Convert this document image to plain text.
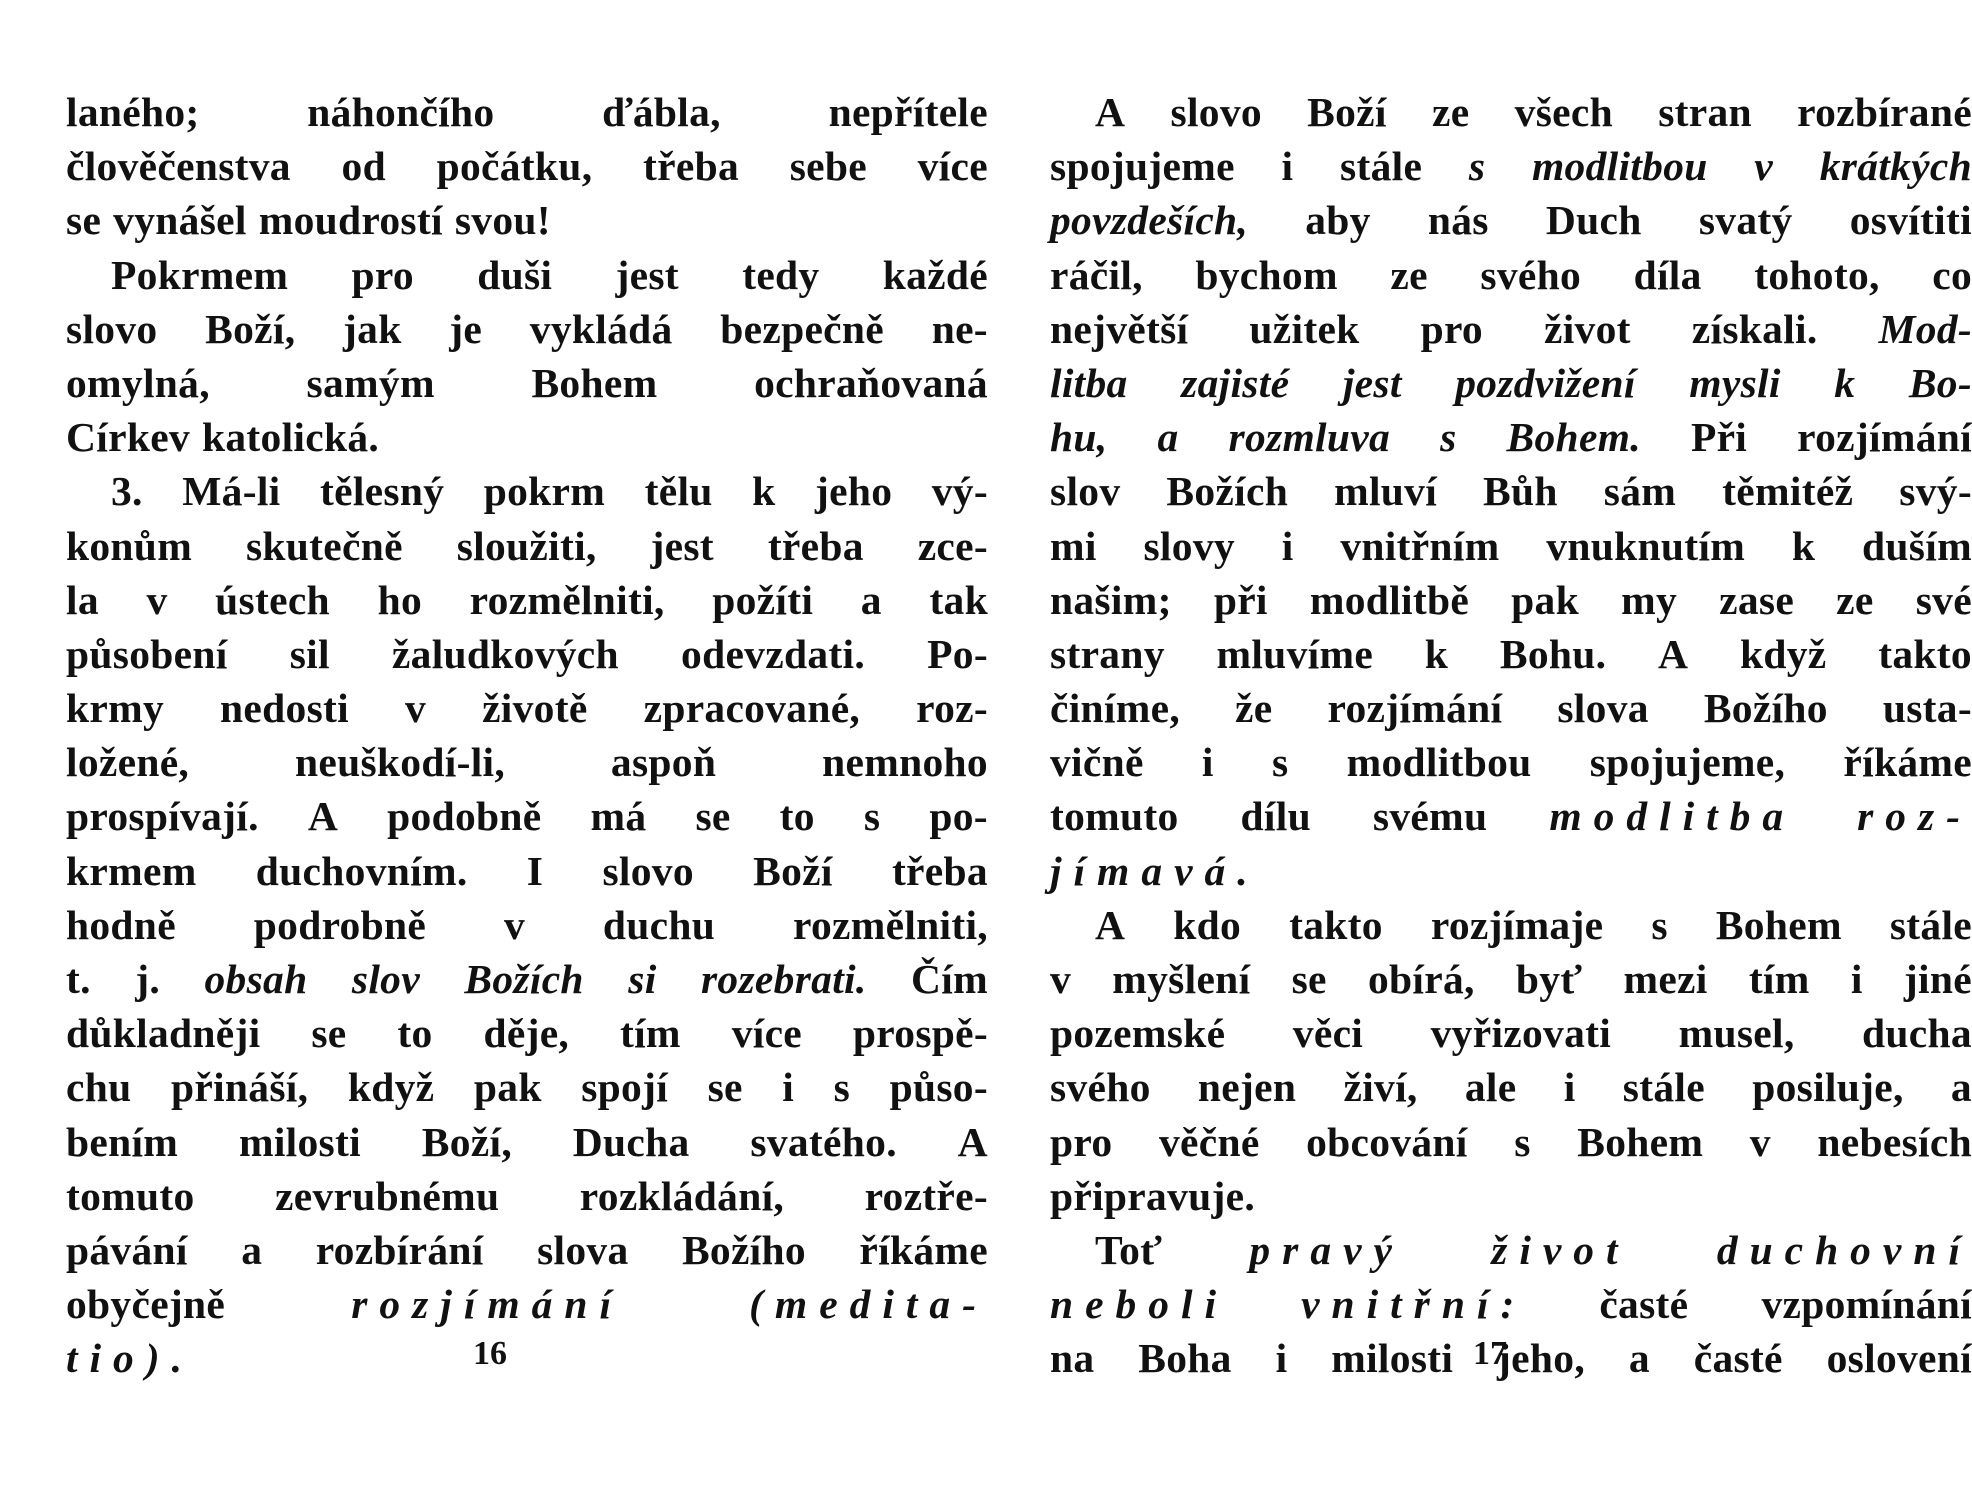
laného;	náhončího	ďábla,	nepřítele
člověčenstva od počátku, třeba sebe více
se vynášel moudrostí svou!
Pokrmem pro duši jest tedy každé
slovo Boží, jak je vykládá bezpečně ne-
omylná, samým Bohem ochraňovaná
Církev katolická.
3. Má-li tělesný pokrm tělu k jeho vý-
konům skutečně sloužiti, jest třeba zce-
la v ústech ho rozmělniti, požíti a tak
působení sil žaludkových odevzdati. Po-
krmy nedosti v životě zpracované, roz-
ložené,	neuškodí-li,	aspoň	nemnoho
prospívají. A podobně má se to s po-
krmem duchovním. I slovo Boží třeba
hodně podrobně v duchu rozmělniti,
t. j. obsah slov Božích si rozebrati. Čím
důkladněji se to děje, tím více prospě-
chu přináší, když pak spojí se i s půso-
bením milosti Boží, Ducha svatého. A
tomuto zevrubnému rozkládání, roztře-
pávání a rozbírání slova Božího říkáme
obyčejně	rozjímání	(medita-
tio).	16
A slovo Boží ze všech stran rozbírané
spojujeme i stále s modlitbou v krátkých
povzdeších, aby nás Duch svatý osvítiti
ráčil, bychom ze svého díla tohoto, co
největší užitek pro život získali. Mod-
litba zajisté jest pozdvižení mysli k Bo-
hu, a rozmluva s Bohem. Při rozjímání
slov Božích mluví Bůh sám těmitéž svý-
mi slovy i vnitřním vnuknutím k duším
našim; při modlitbě pak my zase ze své
strany mluvíme k Bohu. A když takto
činíme, že rozjímání slova Božího usta-
vičně i s modlitbou spojujeme, říkáme
tomuto dílu svému modlitba roz-
jímavá.
A kdo takto rozjímaje s Bohem stále
v myšlení se obírá, byť mezi tím i jiné
pozemské věci vyřizovati musel, ducha
svého nejen živí, ale i stále posiluje, a
pro věčné obcování s Bohem v nebesích
připravuje.
Toť pravý život duchovní
neboli vnitřní: časté vzpomínání
na Boha i milosti jeho, a časté oslovení
17
